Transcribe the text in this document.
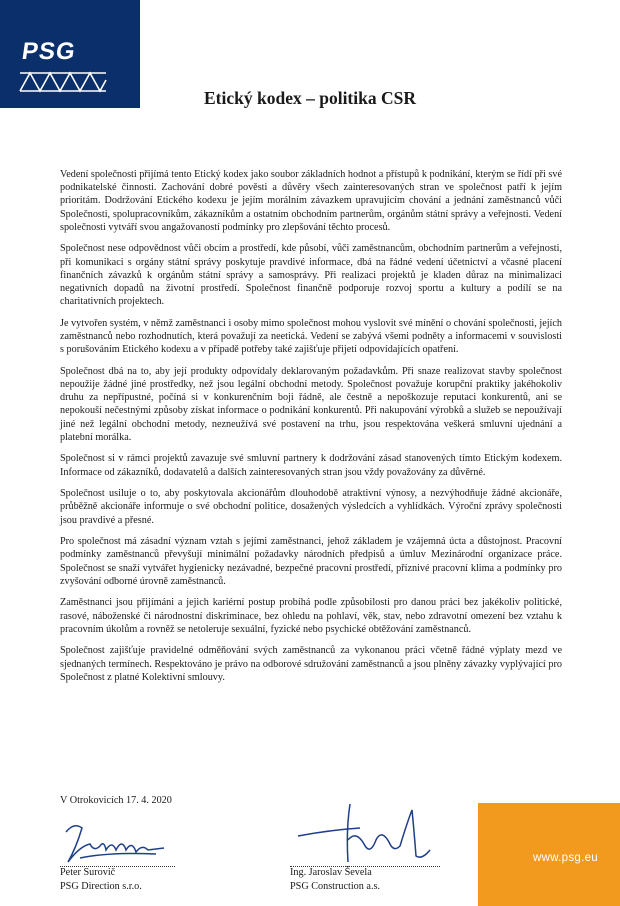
PSG
Etický kodex – politika CSR

Vedení společnosti přijímá tento Etický kodex jako soubor základních hodnot a přístupů k podnikání, kterým se řídí při své podnikatelské činnosti. Zachování dobré pověsti a důvěry všech zainteresovaných stran ve společnost patří k jejím prioritám. Dodržování Etického kodexu je jejím morálním závazkem upravujícím chování a jednání zaměstnanců vůči Společnosti, spolupracovníkům, zákazníkům a ostatním obchodním partnerům, orgánům státní správy a veřejnosti. Vedení společnosti vytváří svou angažovaností podmínky pro zlepšování těchto procesů.

Společnost nese odpovědnost vůči obcím a prostředí, kde působí, vůči zaměstnancům, obchodním partnerům a veřejnosti, při komunikaci s orgány státní správy poskytuje pravdivé informace, dbá na řádné vedení účetnictví a včasné placení finančních závazků k orgánům státní správy a samosprávy. Při realizaci projektů je kladen důraz na minimalizaci negativních dopadů na životní prostředí. Společnost finančně podporuje rozvoj sportu a kultury a podílí se na charitativních projektech.

Je vytvořen systém, v němž zaměstnanci i osoby mimo společnost mohou vyslovit své mínění o chování společnosti, jejích zaměstnanců nebo rozhodnutích, která považují za neetická. Vedení se zabývá všemi podněty a informacemi v souvislosti s porušováním Etického kodexu a v případě potřeby také zajišťuje přijetí odpovídajících opatření.

Společnost dbá na to, aby její produkty odpovídaly deklarovaným požadavkům. Při snaze realizovat stavby společnost nepoužije žádné jiné prostředky, než jsou legální obchodní metody. Společnost považuje korupční praktiky jakéhokoliv druhu za nepřípustné, počíná si v konkurenčním boji řádně, ale čestně a nepoškozuje reputaci konkurentů, ani se nepokouší nečestnými způsoby získat informace o podnikání konkurentů. Při nakupování výrobků a služeb se nepoužívají jiné než legální obchodní metody, nezneužívá své postavení na trhu, jsou respektována veškerá smluvní ujednání a platební morálka.

Společnost si v rámci projektů zavazuje své smluvní partnery k dodržování zásad stanovených tímto Etickým kodexem. Informace od zákazníků, dodavatelů a dalších zainteresovaných stran jsou vždy považovány za důvěrné.

Společnost usiluje o to, aby poskytovala akcionářům dlouhodobě atraktivní výnosy, a nezvýhodňuje žádné akcionáře, průběžně akcionáře informuje o své obchodní politice, dosažených výsledcích a vyhlídkách. Výroční zprávy společnosti jsou pravdivé a přesné.

Pro společnost má zásadní význam vztah s jejími zaměstnanci, jehož základem je vzájemná úcta a důstojnost. Pracovní podmínky zaměstnanců převyšují minimální požadavky národních předpisů a úmluv Mezinárodní organizace práce. Společnost se snaží vytvářet hygienicky nezávadné, bezpečné pracovní prostředí, příznivé pracovní klima a podmínky pro zvyšování odborné úrovně zaměstnanců.

Zaměstnanci jsou přijímáni a jejich kariérní postup probíhá podle způsobilosti pro danou práci bez jakékoliv politické, rasové, náboženské či národnostní diskriminace, bez ohledu na pohlaví, věk, stav, nebo zdravotní omezení bez vztahu k pracovním úkolům a rovněž se netoleruje sexuální, fyzické nebo psychické obtěžování zaměstnanců.

Společnost zajišťuje pravidelné odměňování svých zaměstnanců za vykonanou práci včetně řádné výplaty mezd ve sjednaných termínech. Respektováno je právo na odborové sdružování zaměstnanců a jsou plněny závazky vyplývající pro Společnost z platné Kolektivní smlouvy.

V Otrokovicích 17. 4. 2020
Peter Surovič
PSG Direction s.r.o.
Ing. Jaroslav Ševela
PSG Construction a.s.
www.psg.eu
